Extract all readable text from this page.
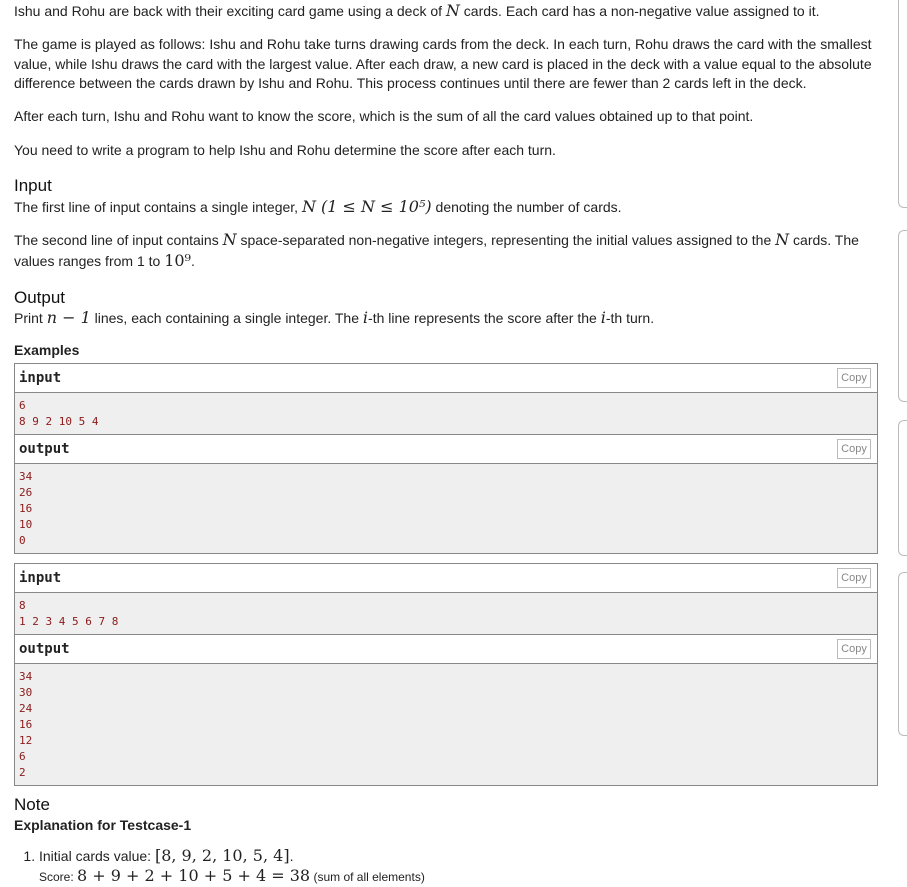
Ishu and Rohu are back with their exciting card game using a deck of N cards. Each card has a non-negative value assigned to it.

The game is played as follows: Ishu and Rohu take turns drawing cards from the deck. In each turn, Rohu draws the card with the smallest value, while Ishu draws the card with the largest value. After each draw, a new card is placed in the deck with a value equal to the absolute difference between the cards drawn by Ishu and Rohu. This process continues until there are fewer than 2 cards left in the deck.

After each turn, Ishu and Rohu want to know the score, which is the sum of all the card values obtained up to that point.

You need to write a program to help Ishu and Rohu determine the score after each turn.

Input

The first line of input contains a single integer, N (1 ≤ N ≤ 10⁵) denoting the number of cards.

The second line of input contains N space-separated non-negative integers, representing the initial values assigned to the N cards. The values ranges from 1 to 10⁹.

Output

Print n − 1 lines, each containing a single integer. The i-th line represents the score after the i-th turn.

Examples
input	Copy
6
8 9 2 10 5 4
output	Copy
34
26
16
10
0
input	Copy
8
1 2 3 4 5 6 7 8
output	Copy
34
30
24
16
12
6
2
Note
Explanation for Testcase-1
1. Initial cards value: [8, 9, 2, 10, 5, 4].
Score: 8 + 9 + 2 + 10 + 5 + 4 = 38 (sum of all elements)
